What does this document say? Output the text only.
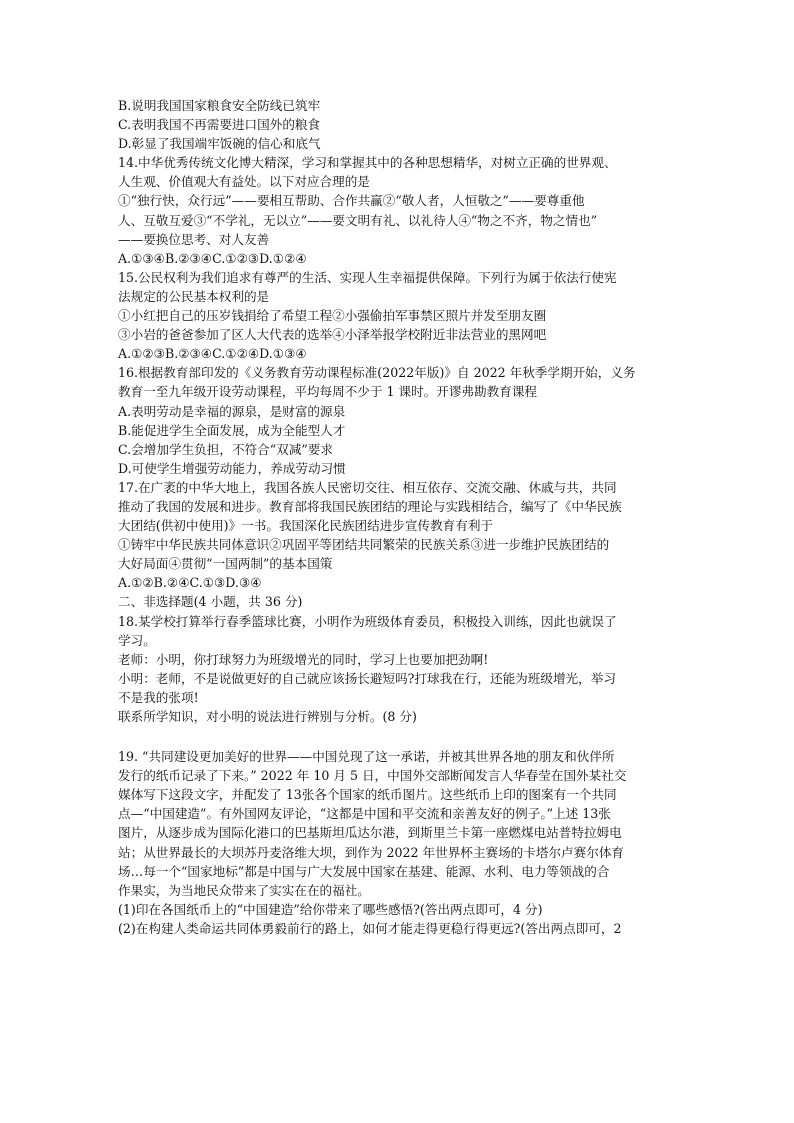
B.说明我国国家粮食安全防线已筑牢
C.表明我国不再需要进口国外的粮食
D.彰显了我国端牢饭碗的信心和底气
14.中华优秀传统文化博大精深，学习和掌握其中的各种思想精华，对树立正确的世界观、
人生观、价值观大有益处。以下对应合理的是
①“独行快，众行远”——要相互帮助、合作共赢②“敬人者，人恒敬之”——要尊重他
人、互敬互爱③“不学礼，无以立”——要文明有礼、以礼待人④“物之不齐，物之情也”
——要换位思考、对人友善
A.①③④B.②③④C.①②③D.①②④
15.公民权利为我们追求有尊严的生活、实现人生幸福提供保障。下列行为属于依法行使宪
法规定的公民基本权利的是
①小红把自己的压岁钱捐给了希望工程②小强偷拍军事禁区照片并发至朋友圈
③小岩的爸爸参加了区人大代表的选举④小泽举报学校附近非法营业的黑网吧
A.①②③B.②③④C.①②④D.①③④
16.根据教育部印发的《义务教育劳动课程标准(2022年版)》自 2022 年秋季学期开始，义务
教育一至九年级开设劳动课程，平均每周不少于 1 课时。开谬弗勘教育课程
A.表明劳动是幸福的源泉，是财富的源泉
B.能促进学生全面发展，成为全能型人才
C.会增加学生负担，不符合“双减”要求
D.可使学生增强劳动能力，养成劳动习惯
17.在广袤的中华大地上，我国各族人民密切交往、相互依存、交流交融、休戚与共，共同
推动了我国的发展和进步。教育部将我国民族团结的理论与实践相结合，编写了《中华民族
大团结(供初中使用)》一书。我国深化民族团结进步宣传教育有利于
①铸牢中华民族共同体意识②巩固平等团结共同繁荣的民族关系③进一步维护民族团结的
大好局面④贯彻“一国两制”的基本国策
A.①②B.②④C.①③D.③④
二、非选择题(4 小题，共 36 分)
18.某学校打算举行春季篮球比赛，小明作为班级体育委员，积极投入训练，因此也就误了
学习。
老师：小明，你打球努力为班级增光的同时，学习上也要加把劲啊!
小明：老师，不是说做更好的自己就应该扬长避短吗?打球我在行，还能为班级增光，举习
不是我的张项!
联系所学知识，对小明的说法进行辨别与分析。(8 分)
19. “共同建设更加美好的世界——中国兑现了这一承诺，并被其世界各地的朋友和伙伴所
发行的纸币记录了下来。” 2022 年 10 月 5 日，中国外交部断闻发言人华春莹在国外某社交
媒体写下这段文字，并配发了 13张各个国家的纸币图片。这些纸币上印的图案有一个共同
点—“中国建造”。有外国网友评论，“这都是中国和平交流和亲善友好的例子。”上述 13张
图片，从逐步成为国际化港口的巴基斯坦瓜达尔港，到斯里兰卡第一座燃煤电站普特拉姆电
站；从世界最长的大坝苏丹麦洛维大坝，到作为 2022 年世界杯主赛场的卡塔尔卢赛尔体育
场…每一个“国家地标”都是中国与广大发展中国家在基建、能源、水利、电力等领战的合
作果实，为当地民众带来了实实在在的福社。
(1)印在各国纸币上的“中国建造”给你带来了哪些感悟?(答出两点即可，4 分)
(2)在构建人类命运共同体勇毅前行的路上，如何才能走得更稳行得更远?(答出两点即可，2
